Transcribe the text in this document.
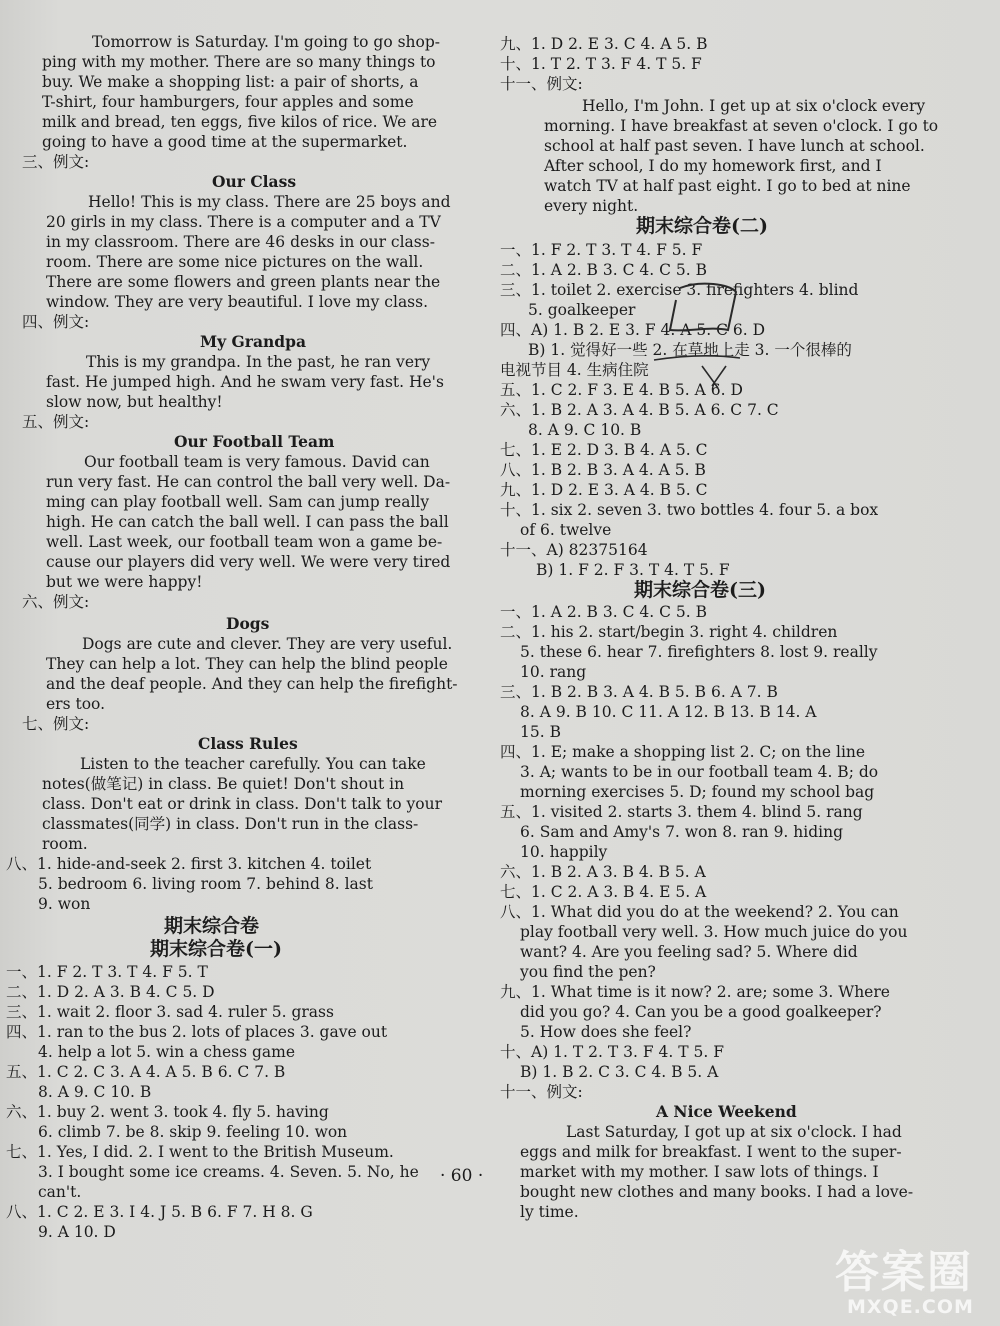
Tomorrow is Saturday. I'm going to go shop-
ping with my mother. There are so many things to
buy. We make a shopping list: a pair of shorts, a
T-shirt, four hamburgers, four apples and some
milk and bread, ten eggs, five kilos of rice. We are
going to have a good time at the supermarket.
三、例文:
Our Class
Hello! This is my class. There are 25 boys and
20 girls in my class. There is a computer and a TV
in my classroom. There are 46 desks in our class-
room. There are some nice pictures on the wall.
There are some flowers and green plants near the
window. They are very beautiful. I love my class.
四、例文:
My Grandpa
This is my grandpa. In the past, he ran very
fast. He jumped high. And he swam very fast. He's
slow now, but healthy!
五、例文:
Our Football Team
Our football team is very famous. David can
run very fast. He can control the ball very well. Da-
ming can play football well. Sam can jump really
high. He can catch the ball well. I can pass the ball
well. Last week, our football team won a game be-
cause our players did very well. We were very tired
but we were happy!
六、例文:
Dogs
Dogs are cute and clever. They are very useful.
They can help a lot. They can help the blind people
and the deaf people. And they can help the firefight-
ers too.
七、例文:
Class Rules
Listen to the teacher carefully. You can take
notes(做笔记) in class. Be quiet! Don't shout in
class. Don't eat or drink in class. Don't talk to your
classmates(同学) in class. Don't run in the class-
room.
八、1. hide-and-seek 2. first 3. kitchen 4. toilet
5. bedroom 6. living room 7. behind 8. last
9. won
期末综合卷
期末综合卷(一)
一、1. F 2. T 3. T 4. F 5. T
二、1. D 2. A 3. B 4. C 5. D
三、1. wait 2. floor 3. sad 4. ruler 5. grass
四、1. ran to the bus 2. lots of places 3. gave out
4. help a lot 5. win a chess game
五、1. C 2. C 3. A 4. A 5. B 6. C 7. B
8. A 9. C 10. B
六、1. buy 2. went 3. took 4. fly 5. having
6. climb 7. be 8. skip 9. feeling 10. won
七、1. Yes, I did. 2. I went to the British Museum.
3. I bought some ice creams. 4. Seven. 5. No, he
can't.
八、1. C 2. E 3. I 4. J 5. B 6. F 7. H 8. G
9. A 10. D
九、1. D 2. E 3. C 4. A 5. B
十、1. T 2. T 3. F 4. T 5. F
十一、例文:
Hello, I'm John. I get up at six o'clock every
morning. I have breakfast at seven o'clock. I go to
school at half past seven. I have lunch at school.
After school, I do my homework first, and I
watch TV at half past eight. I go to bed at nine
every night.
期末综合卷(二)
一、1. F 2. T 3. T 4. F 5. F
二、1. A 2. B 3. C 4. C 5. B
三、1. toilet 2. exercise 3. firefighters 4. blind
5. goalkeeper
四、A) 1. B 2. E 3. F 4. A 5. C 6. D
B) 1. 觉得好一些 2. 在草地上走 3. 一个很棒的
电视节目 4. 生病住院
五、1. C 2. F 3. E 4. B 5. A 6. D
六、1. B 2. A 3. A 4. B 5. A 6. C 7. C
8. A 9. C 10. B
七、1. E 2. D 3. B 4. A 5. C
八、1. B 2. B 3. A 4. A 5. B
九、1. D 2. E 3. A 4. B 5. C
十、1. six 2. seven 3. two bottles 4. four 5. a box
of 6. twelve
十一、A) 82375164
B) 1. F 2. F 3. T 4. T 5. F
期末综合卷(三)
一、1. A 2. B 3. C 4. C 5. B
二、1. his 2. start/begin 3. right 4. children
5. these 6. hear 7. firefighters 8. lost 9. really
10. rang
三、1. B 2. B 3. A 4. B 5. B 6. A 7. B
8. A 9. B 10. C 11. A 12. B 13. B 14. A
15. B
四、1. E; make a shopping list 2. C; on the line
3. A; wants to be in our football team 4. B; do
morning exercises 5. D; found my school bag
五、1. visited 2. starts 3. them 4. blind 5. rang
6. Sam and Amy's 7. won 8. ran 9. hiding
10. happily
六、1. B 2. A 3. B 4. B 5. A
七、1. C 2. A 3. B 4. E 5. A
八、1. What did you do at the weekend? 2. You can
play football very well. 3. How much juice do you
want? 4. Are you feeling sad? 5. Where did
you find the pen?
九、1. What time is it now? 2. are; some 3. Where
did you go? 4. Can you be a good goalkeeper?
5. How does she feel?
十、A) 1. T 2. T 3. F 4. T 5. F
B) 1. B 2. C 3. C 4. B 5. A
十一、例文:
A Nice Weekend
Last Saturday, I got up at six o'clock. I had
eggs and milk for breakfast. I went to the super-
market with my mother. I saw lots of things. I
bought new clothes and many books. I had a love-
ly time.
· 60 ·
答案圈
MXQE.COM
